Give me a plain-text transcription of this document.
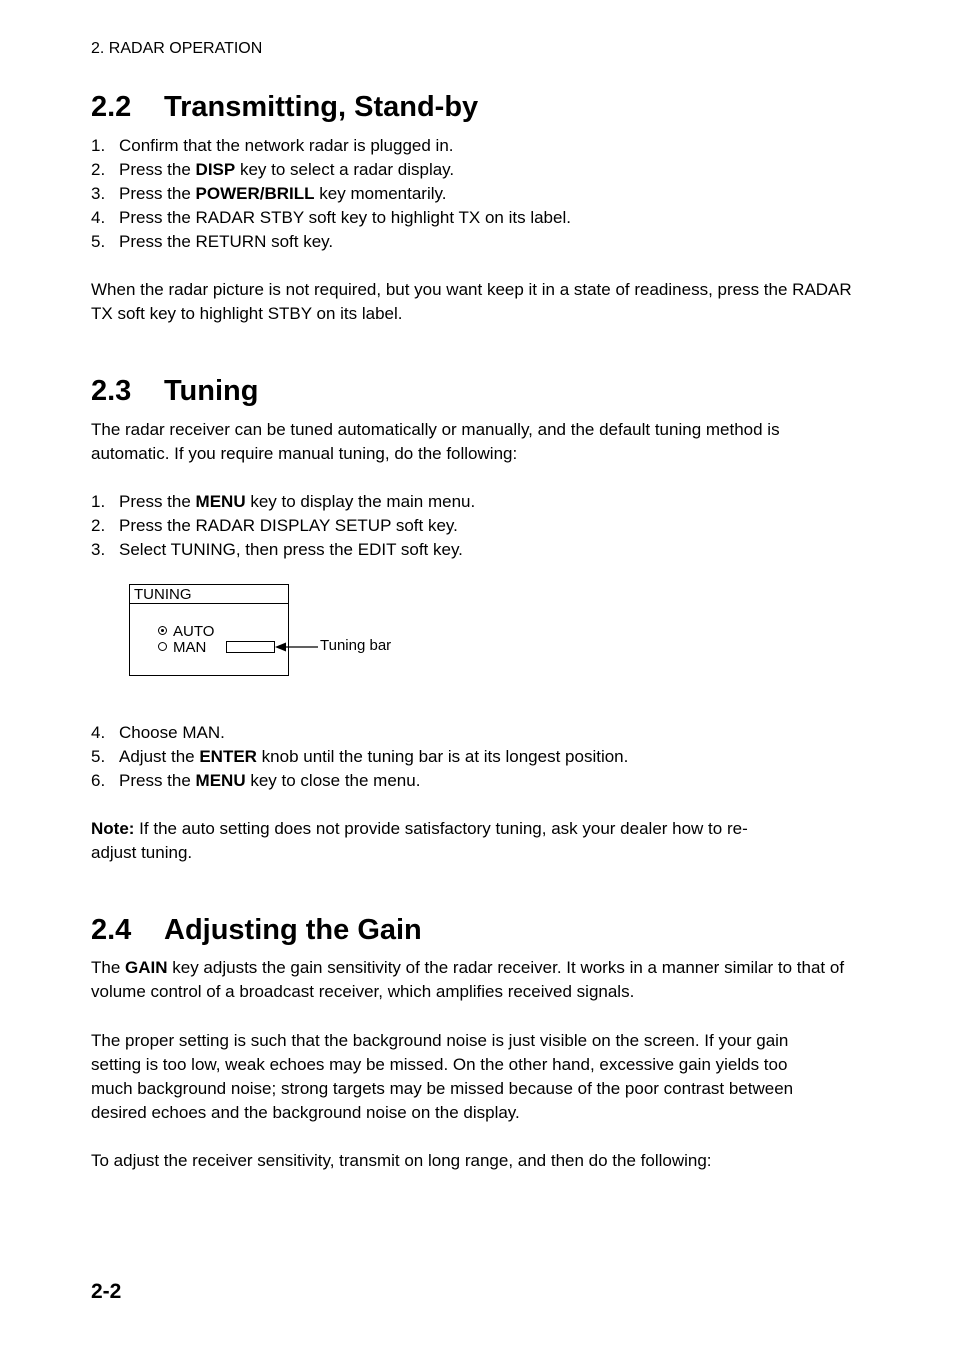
2. RADAR OPERATION
2.2 Transmitting, Stand-by
1. Confirm that the network radar is plugged in.
2. Press the DISP key to select a radar display.
3. Press the POWER/BRILL key momentarily.
4. Press the RADAR STBY soft key to highlight TX on its label.
5. Press the RETURN soft key.
When the radar picture is not required, but you want keep it in a state of readiness, press the RADAR TX soft key to highlight STBY on its label.
2.3 Tuning
The radar receiver can be tuned automatically or manually, and the default tuning method is automatic. If you require manual tuning, do the following:
1. Press the MENU key to display the main menu.
2. Press the RADAR DISPLAY SETUP soft key.
3. Select TUNING, then press the EDIT soft key.
TUNING
AUTO
MAN	Tuning bar
4. Choose MAN.
5. Adjust the ENTER knob until the tuning bar is at its longest position.
6. Press the MENU key to close the menu.
Note: If the auto setting does not provide satisfactory tuning, ask your dealer how to re-adjust tuning.
2.4 Adjusting the Gain
The GAIN key adjusts the gain sensitivity of the radar receiver. It works in a manner similar to that of volume control of a broadcast receiver, which amplifies received signals.
The proper setting is such that the background noise is just visible on the screen. If your gain setting is too low, weak echoes may be missed. On the other hand, excessive gain yields too much background noise; strong targets may be missed because of the poor contrast between desired echoes and the background noise on the display.
To adjust the receiver sensitivity, transmit on long range, and then do the following:
2-2
